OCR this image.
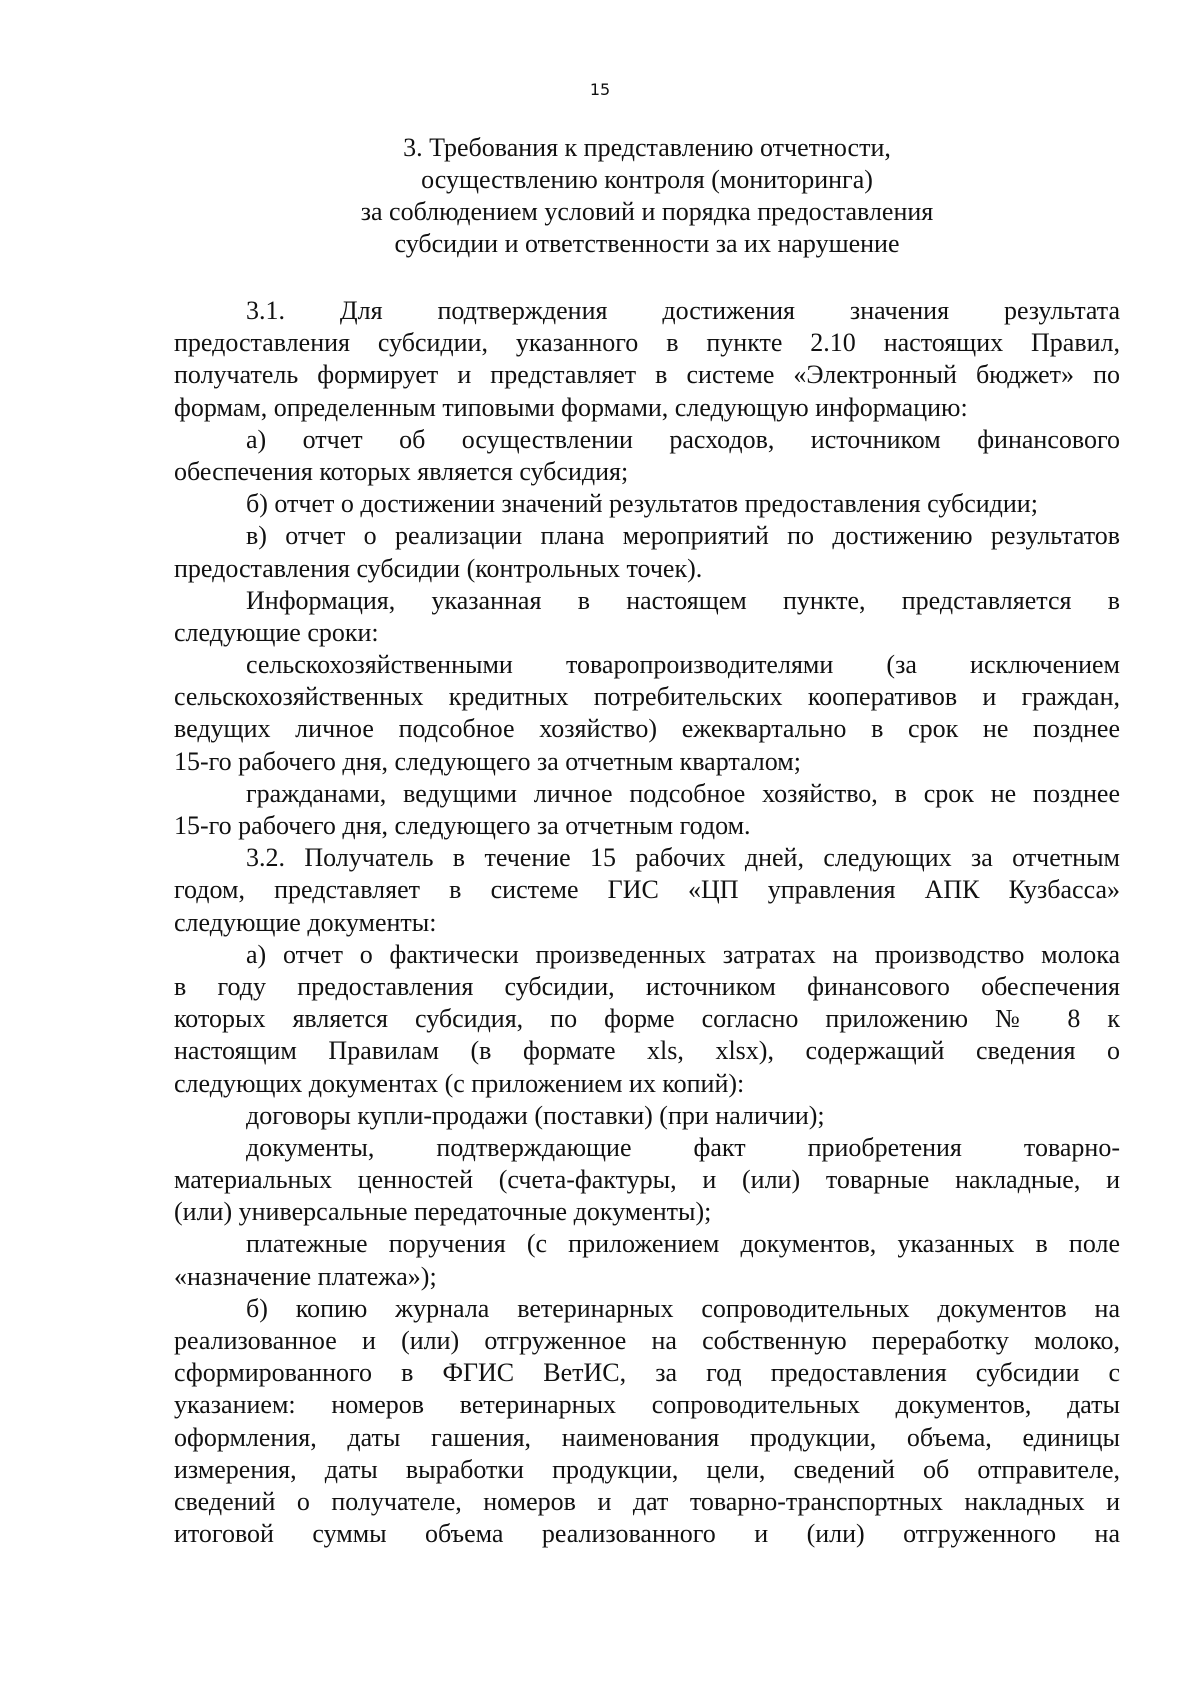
15
3. Требования к представлению отчетности,
осуществлению контроля (мониторинга)
за соблюдением условий и порядка предоставления
субсидии и ответственности за их нарушение
3.1. Для подтверждения достижения значения результата
предоставления субсидии, указанного в пункте 2.10 настоящих Правил,
получатель формирует и представляет в системе «Электронный бюджет» по
формам, определенным типовыми формами, следующую информацию:
а) отчет об осуществлении расходов, источником финансового
обеспечения которых является субсидия;
б) отчет о достижении значений результатов предоставления субсидии;
в) отчет о реализации плана мероприятий по достижению результатов
предоставления субсидии (контрольных точек).
Информация, указанная в настоящем пункте, представляется в
следующие сроки:
сельскохозяйственными товаропроизводителями (за исключением
сельскохозяйственных кредитных потребительских кооперативов и граждан,
ведущих личное подсобное хозяйство) ежеквартально в срок не позднее
15-го рабочего дня, следующего за отчетным кварталом;
гражданами, ведущими личное подсобное хозяйство, в срок не позднее
15-го рабочего дня, следующего за отчетным годом.
3.2. Получатель в течение 15 рабочих дней, следующих за отчетным
годом, представляет в системе ГИС «ЦП управления АПК Кузбасса»
следующие документы:
а) отчет о фактически произведенных затратах на производство молока
в году предоставления субсидии, источником финансового обеспечения
которых является субсидия, по форме согласно приложению № 8 к
настоящим Правилам (в формате xls, xlsx), содержащий сведения о
следующих документах (с приложением их копий):
договоры купли-продажи (поставки) (при наличии);
документы, подтверждающие факт приобретения товарно-
материальных ценностей (счета-фактуры, и (или) товарные накладные, и
(или) универсальные передаточные документы);
платежные поручения (с приложением документов, указанных в поле
«назначение платежа»);
б) копию журнала ветеринарных сопроводительных документов на
реализованное и (или) отгруженное на собственную переработку молоко,
сформированного в ФГИС ВетИС, за год предоставления субсидии с
указанием: номеров ветеринарных сопроводительных документов, даты
оформления, даты гашения, наименования продукции, объема, единицы
измерения, даты выработки продукции, цели, сведений об отправителе,
сведений о получателе, номеров и дат товарно-транспортных накладных и
итоговой суммы объема реализованного и (или) отгруженного на
